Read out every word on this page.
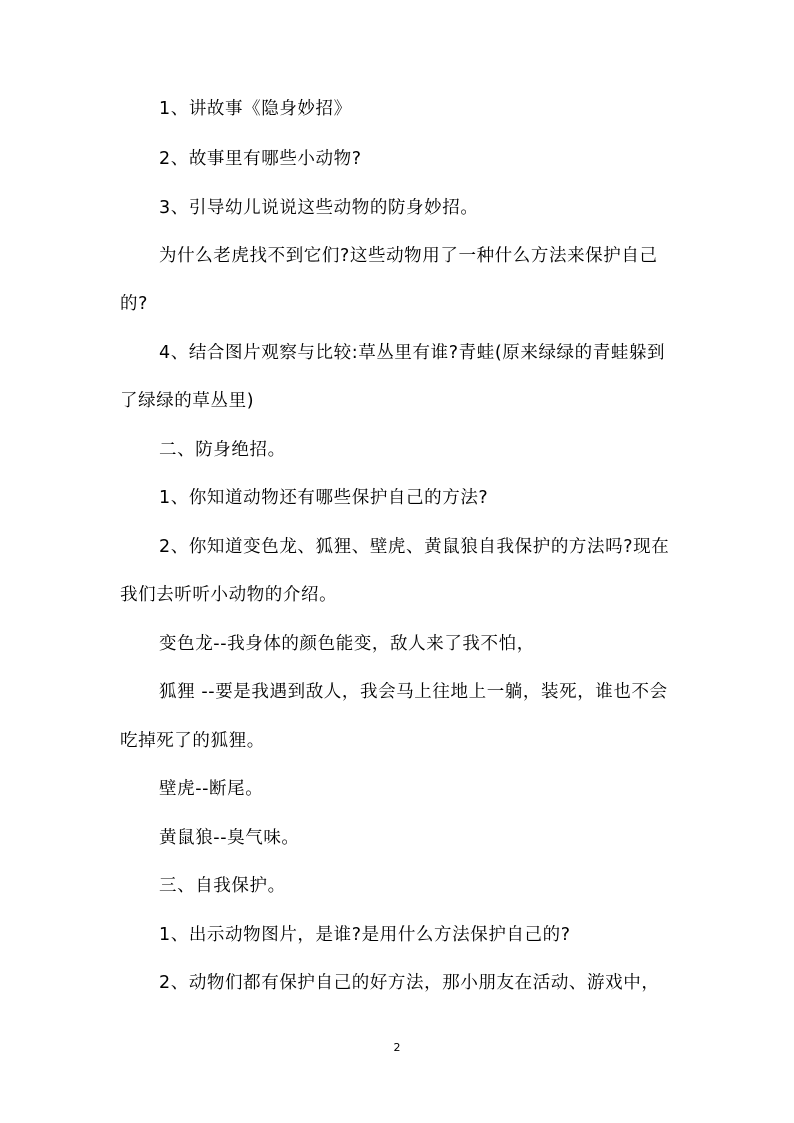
1、讲故事《隐身妙招》
2、故事里有哪些小动物?
3、引导幼儿说说这些动物的防身妙招。
为什么老虎找不到它们?这些动物用了一种什么方法来保护自己
的?
4、结合图片观察与比较:草丛里有谁?青蛙(原来绿绿的青蛙躲到
了绿绿的草丛里)
二、防身绝招。
1、你知道动物还有哪些保护自己的方法?
2、你知道变色龙、狐狸、壁虎、黄鼠狼自我保护的方法吗?现在
我们去听听小动物的介绍。
变色龙--我身体的颜色能变，敌人来了我不怕，
狐狸 --要是我遇到敌人，我会马上往地上一躺，装死，谁也不会
吃掉死了的狐狸。
壁虎--断尾。
黄鼠狼--臭气味。
三、自我保护。
1、出示动物图片，是谁?是用什么方法保护自己的?
2、动物们都有保护自己的好方法，那小朋友在活动、游戏中，
2
